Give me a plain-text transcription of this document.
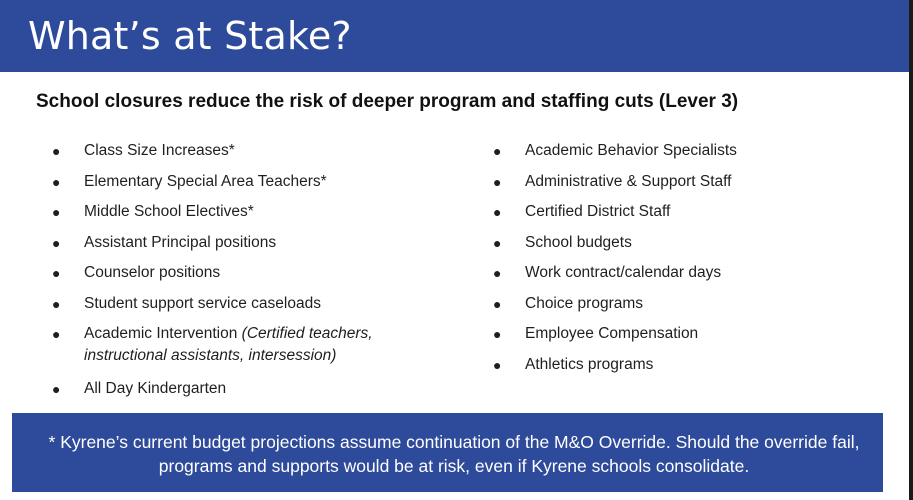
What’s at Stake?
School closures reduce the risk of deeper program and staffing cuts (Lever 3)
● Class Size Increases*
● Elementary Special Area Teachers*
● Middle School Electives*
● Assistant Principal positions
● Counselor positions
● Student support service caseloads
● Academic Intervention (Certified teachers, instructional assistants, intersession)
● All Day Kindergarten
● Academic Behavior Specialists
● Administrative & Support Staff
● Certified District Staff
● School budgets
● Work contract/calendar days
● Choice programs
● Employee Compensation
● Athletics programs
* Kyrene’s current budget projections assume continuation of the M&O Override. Should the override fail, programs and supports would be at risk, even if Kyrene schools consolidate.
